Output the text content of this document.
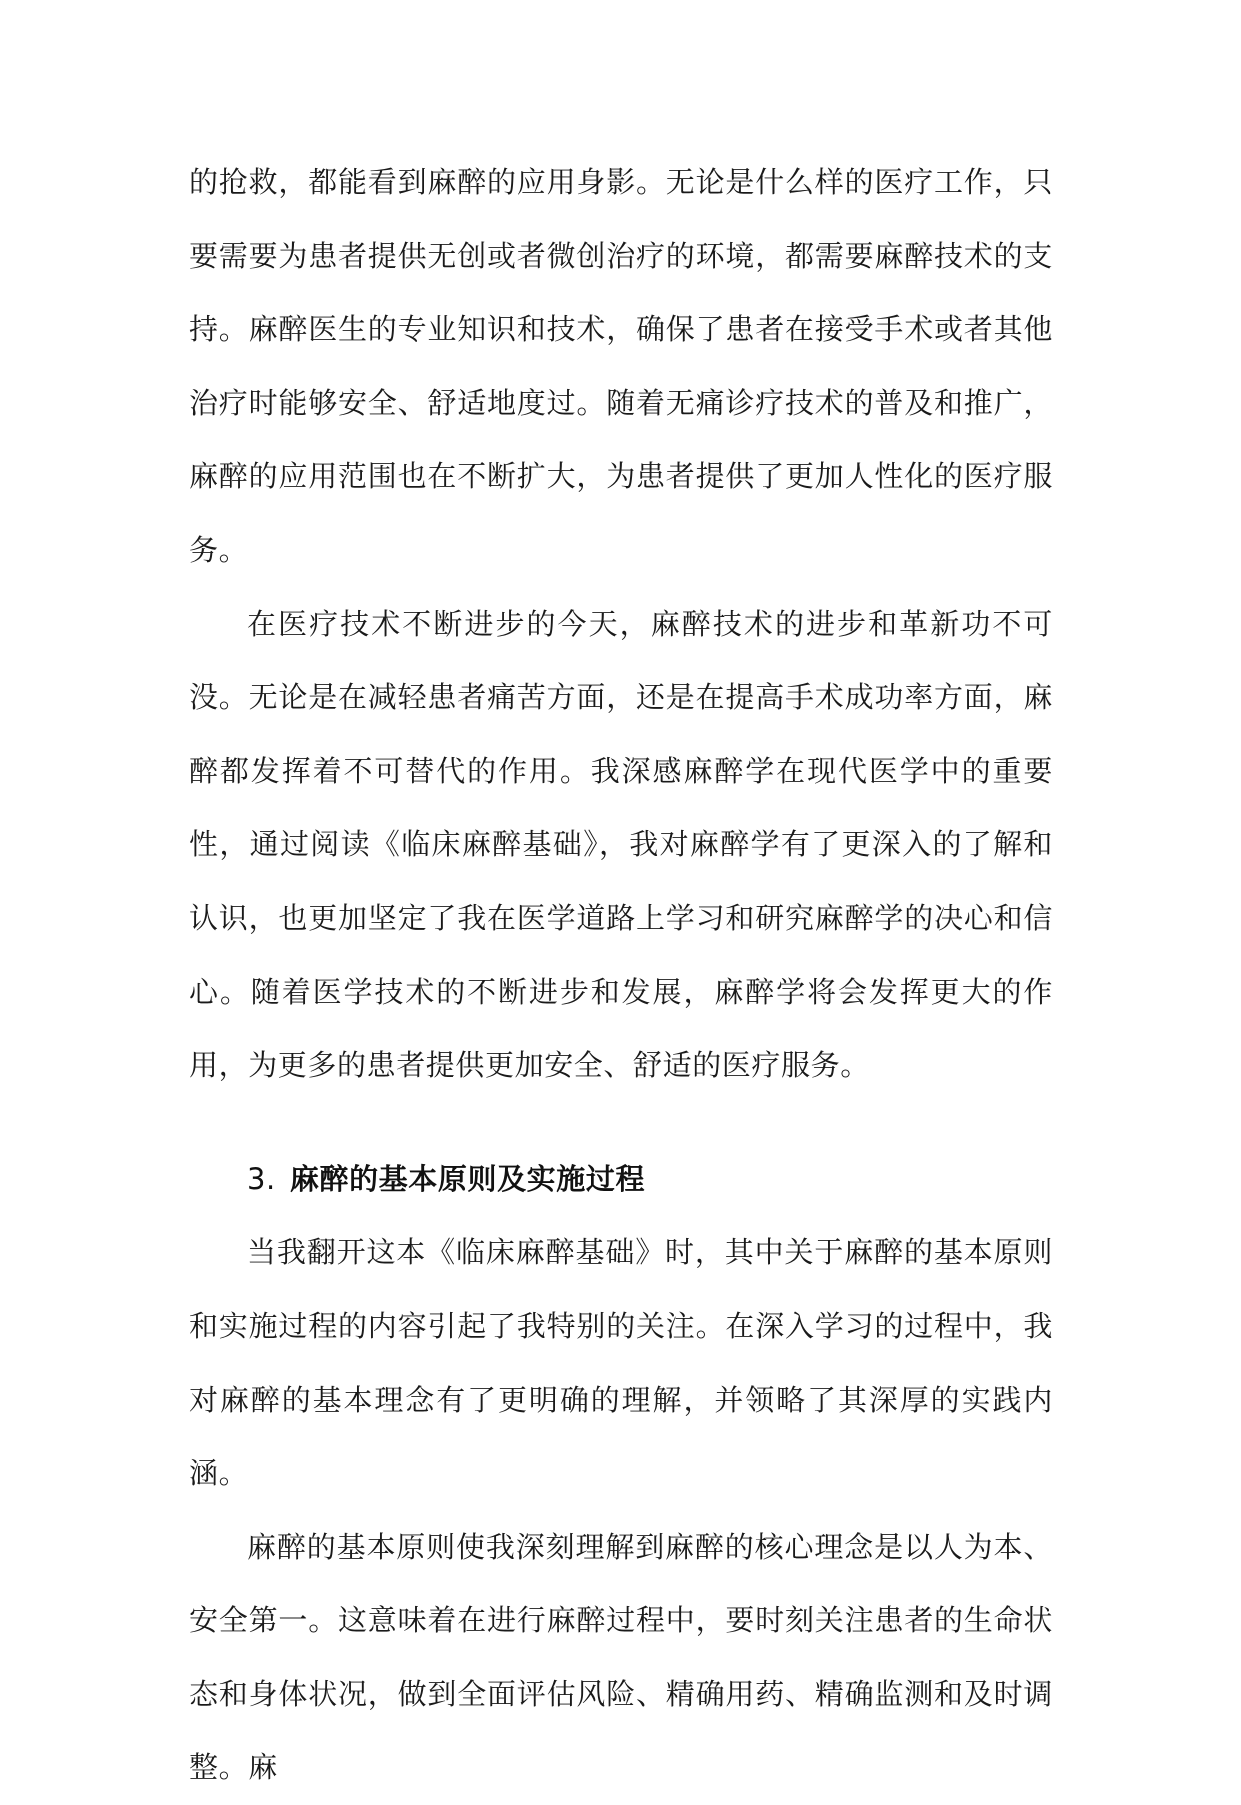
的抢救，都能看到麻醉的应用身影。无论是什么样的医疗工作，只要需要为患者提供无创或者微创治疗的环境，都需要麻醉技术的支持。麻醉医生的专业知识和技术，确保了患者在接受手术或者其他治疗时能够安全、舒适地度过。随着无痛诊疗技术的普及和推广，麻醉的应用范围也在不断扩大，为患者提供了更加人性化的医疗服务。

在医疗技术不断进步的今天，麻醉技术的进步和革新功不可没。无论是在减轻患者痛苦方面，还是在提高手术成功率方面，麻醉都发挥着不可替代的作用。我深感麻醉学在现代医学中的重要性，通过阅读《临床麻醉基础》，我对麻醉学有了更深入的了解和认识，也更加坚定了我在医学道路上学习和研究麻醉学的决心和信心。随着医学技术的不断进步和发展，麻醉学将会发挥更大的作用，为更多的患者提供更加安全、舒适的医疗服务。

3. 麻醉的基本原则及实施过程

当我翻开这本《临床麻醉基础》时，其中关于麻醉的基本原则和实施过程的内容引起了我特别的关注。在深入学习的过程中，我对麻醉的基本理念有了更明确的理解，并领略了其深厚的实践内涵。

麻醉的基本原则使我深刻理解到麻醉的核心理念是以人为本、安全第一。这意味着在进行麻醉过程中，要时刻关注患者的生命状态和身体状况，做到全面评估风险、精确用药、精确监测和及时调整。麻
